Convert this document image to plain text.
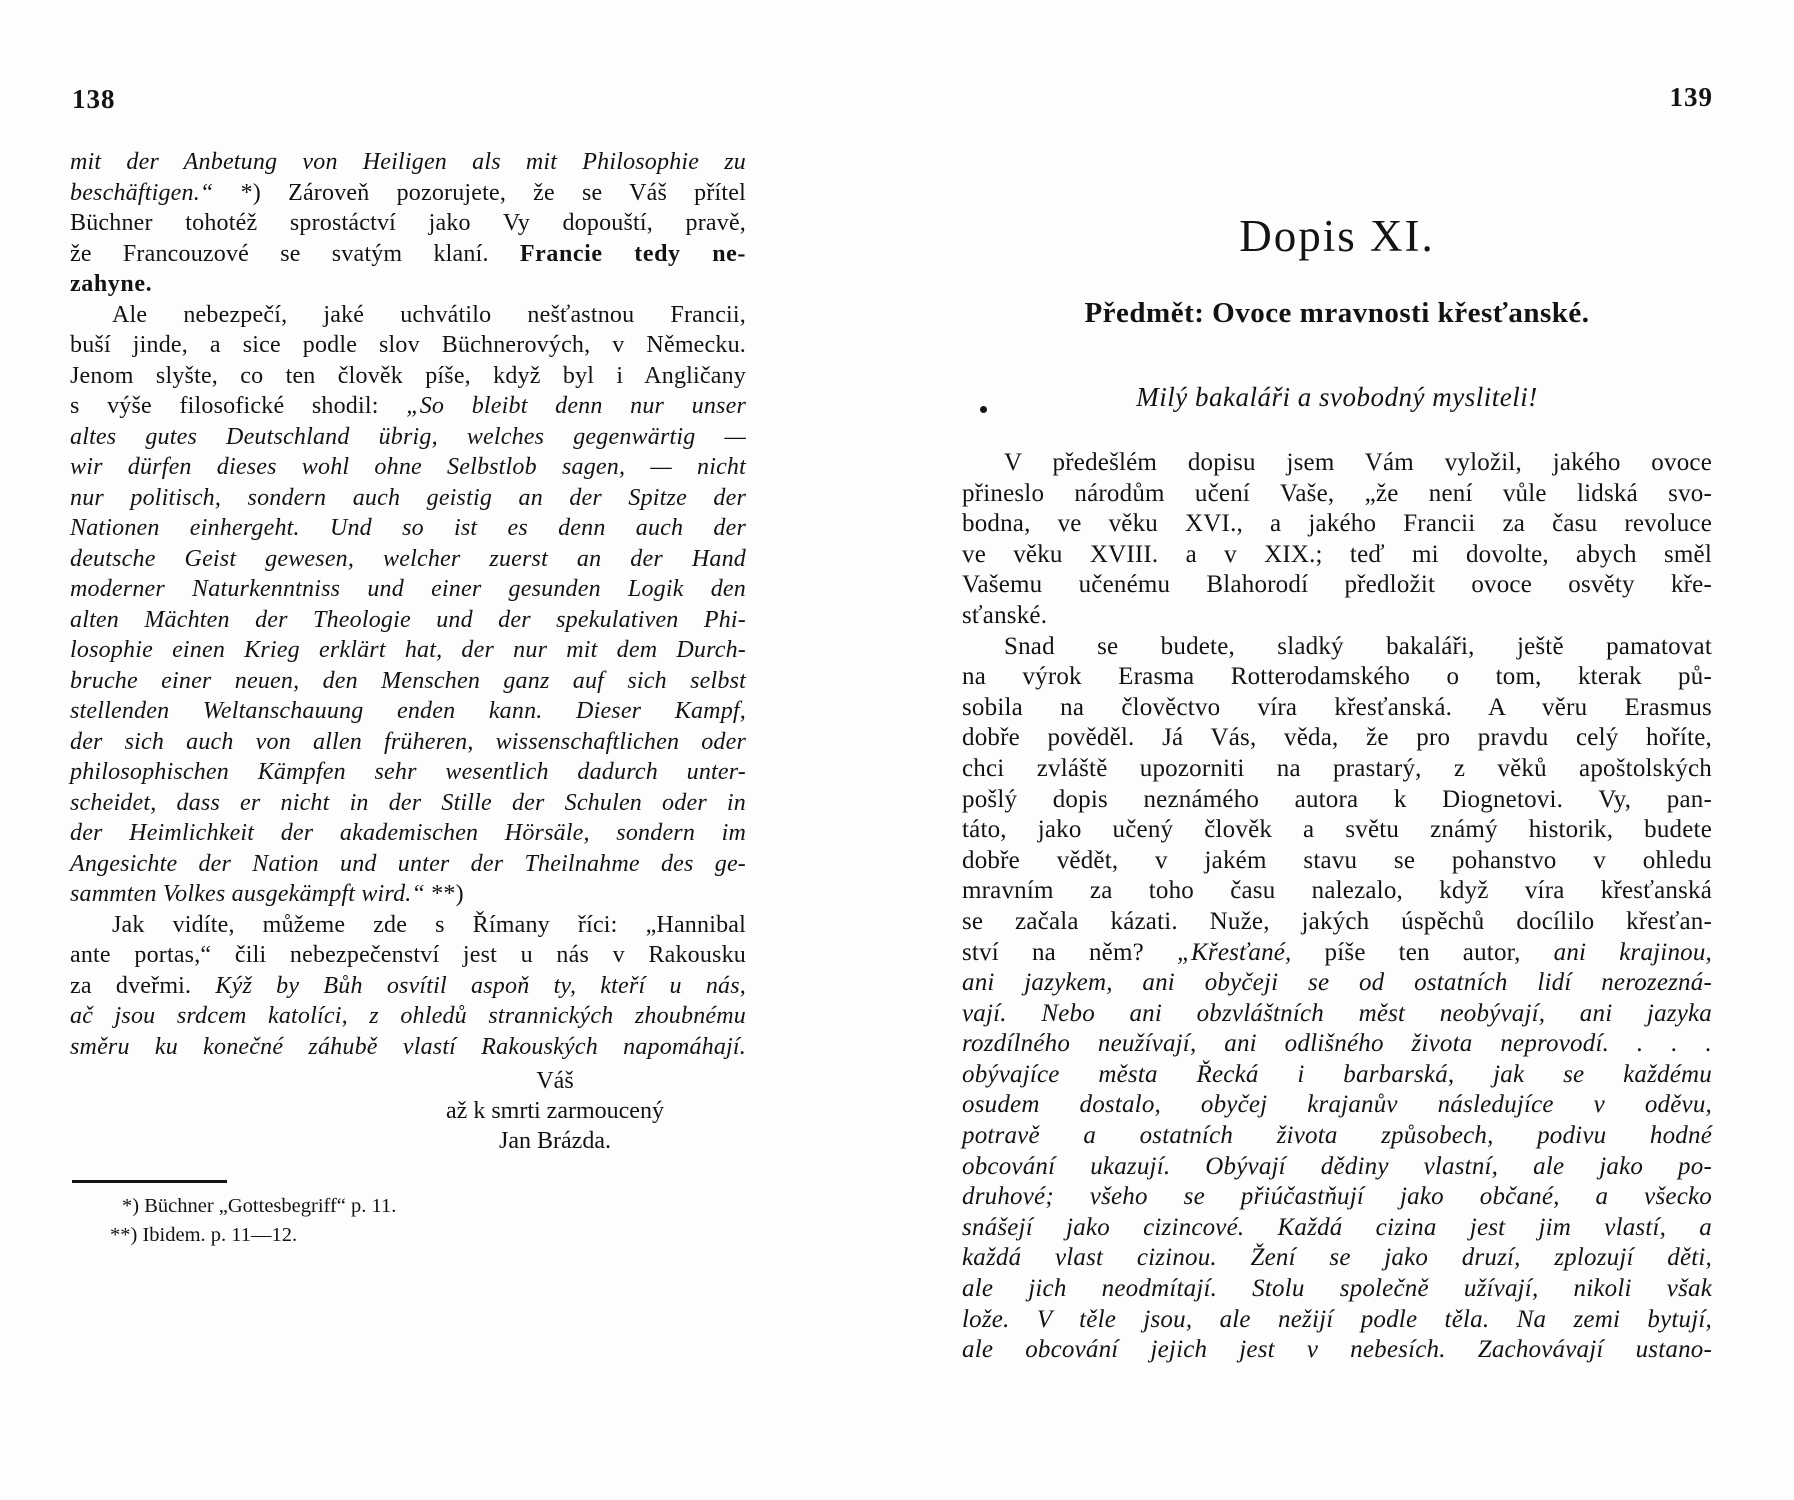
138
mit der Anbetung von Heiligen als mit Philosophie zu
beschäftigen.“ *) Zároveň pozorujete, že se Váš přítel
Büchner tohotéž sprostáctví jako Vy dopouští, pravě,
že Francouzové se svatým klaní. Francie tedy ne-
zahyne.
Ale nebezpečí, jaké uchvátilo nešťastnou Francii,
buší jinde, a sice podle slov Büchnerových, v Německu.
Jenom slyšte, co ten člověk píše, když byl i Angličany
s výše filosofické shodil: „So bleibt denn nur unser
altes gutes Deutschland übrig, welches gegenwärtig —
wir dürfen dieses wohl ohne Selbstlob sagen, — nicht
nur politisch, sondern auch geistig an der Spitze der
Nationen einhergeht. Und so ist es denn auch der
deutsche Geist gewesen, welcher zuerst an der Hand
moderner Naturkenntniss und einer gesunden Logik den
alten Mächten der Theologie und der spekulativen Phi-
losophie einen Krieg erklärt hat, der nur mit dem Durch-
bruche einer neuen, den Menschen ganz auf sich selbst
stellenden Weltanschauung enden kann. Dieser Kampf,
der sich auch von allen früheren, wissenschaftlichen oder
philosophischen Kämpfen sehr wesentlich dadurch unter-
scheidet, dass er nicht in der Stille der Schulen oder in
der Heimlichkeit der akademischen Hörsäle, sondern im
Angesichte der Nation und unter der Theilnahme des ge-
sammten Volkes ausgekämpft wird.“ **)
Jak vidíte, můžeme zde s Římany říci: „Hannibal
ante portas,“ čili nebezpečenství jest u nás v Rakousku
za dveřmi. Kýž by Bůh osvítil aspoň ty, kteří u nás,
ač jsou srdcem katolíci, z ohledů strannických zhoubnému
směru ku konečné záhubě vlastí Rakouských napomáhají.
Váš
až k smrti zarmoucený
Jan Brázda.
*) Büchner „Gottesbegriff“ p. 11.
**) Ibidem. p. 11—12.
139
Dopis XI.
Předmět: Ovoce mravnosti křesťanské.
Milý bakaláři a svobodný mysliteli!
V předešlém dopisu jsem Vám vyložil, jakého ovoce
přineslo národům učení Vaše, „že není vůle lidská svo-
bodna, ve věku XVI., a jakého Francii za času revoluce
ve věku XVIII. a v XIX.; teď mi dovolte, abych směl
Vašemu učenému Blahorodí předložit ovoce osvěty kře-
sťanské.
Snad se budete, sladký bakaláři, ještě pamatovat
na výrok Erasma Rotterodamského o tom, kterak pů-
sobila na člověctvo víra křesťanská. A věru Erasmus
dobře pověděl. Já Vás, věda, že pro pravdu celý hoříte,
chci zvláště upozorniti na prastarý, z věků apoštolských
pošlý dopis neznámého autora k Diognetovi. Vy, pan-
táto, jako učený člověk a světu známý historik, budete
dobře vědět, v jakém stavu se pohanstvo v ohledu
mravním za toho času nalezalo, když víra křesťanská
se začala kázati. Nuže, jakých úspěchů docílilo křesťan-
ství na něm? „Křesťané, píše ten autor, ani krajinou,
ani jazykem, ani obyčeji se od ostatních lidí nerozezná-
vají. Nebo ani obzvláštních měst neobývají, ani jazyka
rozdílného neužívají, ani odlišného života neprovodí. . . .
obývajíce města Řecká i barbarská, jak se každému
osudem dostalo, obyčej krajanův následujíce v oděvu,
potravě a ostatních života způsobech, podivu hodné
obcování ukazují. Obývají dědiny vlastní, ale jako po-
druhové; všeho se přiúčastňují jako občané, a všecko
snášejí jako cizincové. Každá cizina jest jim vlastí, a
každá vlast cizinou. Žení se jako druzí, zplozují děti,
ale jich neodmítají. Stolu společně užívají, nikoli však
lože. V těle jsou, ale nežijí podle těla. Na zemi bytují,
ale obcování jejich jest v nebesích. Zachovávají ustano-
